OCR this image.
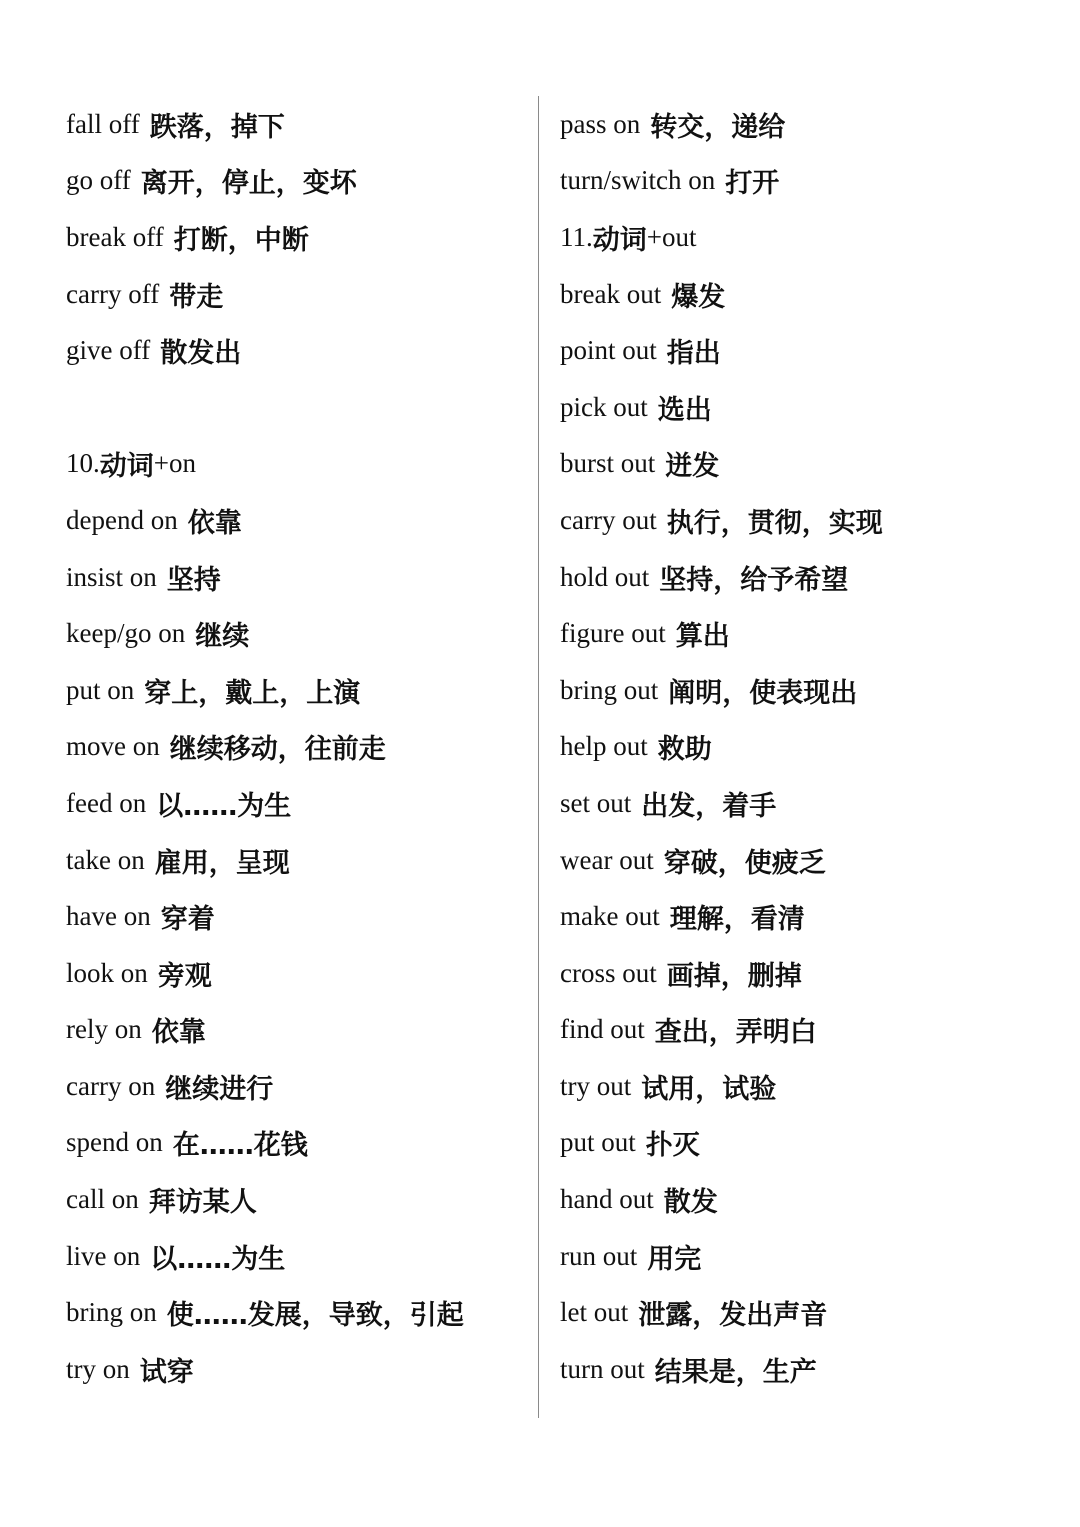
fall off 跌落，掉下
go off 离开，停止，变坏
break off 打断，中断
carry off 带走
give off 散发出
10. 动词 +on
depend on 依靠
insist on 坚持
keep/go on 继续
put on 穿上，戴上，上演
move on 继续移动，往前走
feed on 以……为生
take on 雇用，呈现
have on 穿着
look on 旁观
rely on 依靠
carry on 继续进行
spend on 在……花钱
call on 拜访某人
live on 以……为生
bring on 使……发展，导致，引起
try on 试穿
pass on 转交，递给
turn/switch on 打开
11. 动词 +out
break out 爆发
point out 指出
pick out 选出
burst out 迸发
carry out 执行，贯彻，实现
hold out 坚持，给予希望
figure out 算出
bring out 阐明，使表现出
help out 救助
set out 出发，着手
wear out 穿破，使疲乏
make out 理解，看清
cross out 画掉，删掉
find out 查出，弄明白
try out 试用，试验
put out 扑灭
hand out 散发
run out 用完
let out 泄露，发出声音
turn out 结果是，生产
